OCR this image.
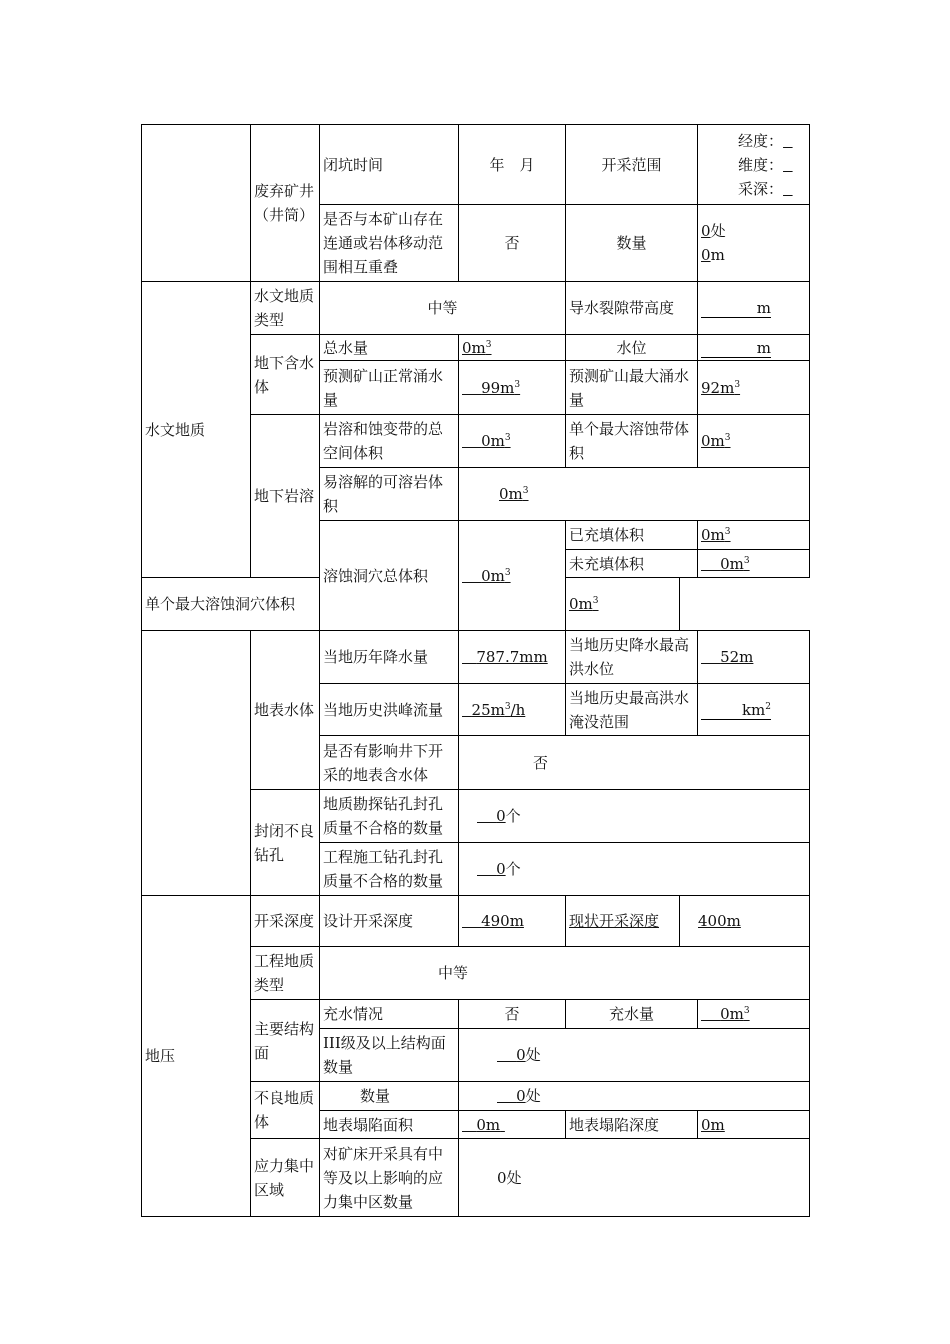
	废弃矿井（井筒）	闭坑时间	年　月	开采范围		经度：
维度：
采深：

		是否与本矿山存在连通或岩体移动范围相互重叠	否	数量		0处
0m

水文地质	水文地质类型	中等		导水裂隙带高度		m
	地下含水体	总水量	$0m^3$	水位		m
		预测矿山正常涌水量	$99m^3$	预测矿山最大涌水量		$92m^3$
	地下岩溶	岩溶和蚀变带的总空间体积	$0m^3$	单个最大溶蚀带体积		$0m^3$
		易溶解的可溶岩体积	$0m^3$
		溶蚀洞穴总体积	$0m^3$	已充填体积		$0m^3$
				未充填体积		$0m^3$
单个最大溶蚀洞穴体积				$0m^3$
	地表水体	当地历年降水量	787.7mm	当地历史降水最高洪水位		52m
		当地历史洪峰流量	$25m^3/h$	当地历史最高洪水淹没范围		$km^2$
		是否有影响井下开采的地表含水体	否			
	封闭不良钻孔	地质勘探钻孔封孔质量不合格的数量	0个			
		工程施工钻孔封孔质量不合格的数量	0个			
地压	开采深度	设计开采深度	490m	现状开采深度	400m	
	工程地质类型	中等				
	主要结构面	充水情况	否	充水量		$0m^3$
		III级及以上结构面数量	0处			
	不良地质体	数量	0处			
		地表塌陷面积	0m	地表塌陷深度		0m
	应力集中区域	对矿床开采具有中等及以上影响的应力集中区数量	0处			
